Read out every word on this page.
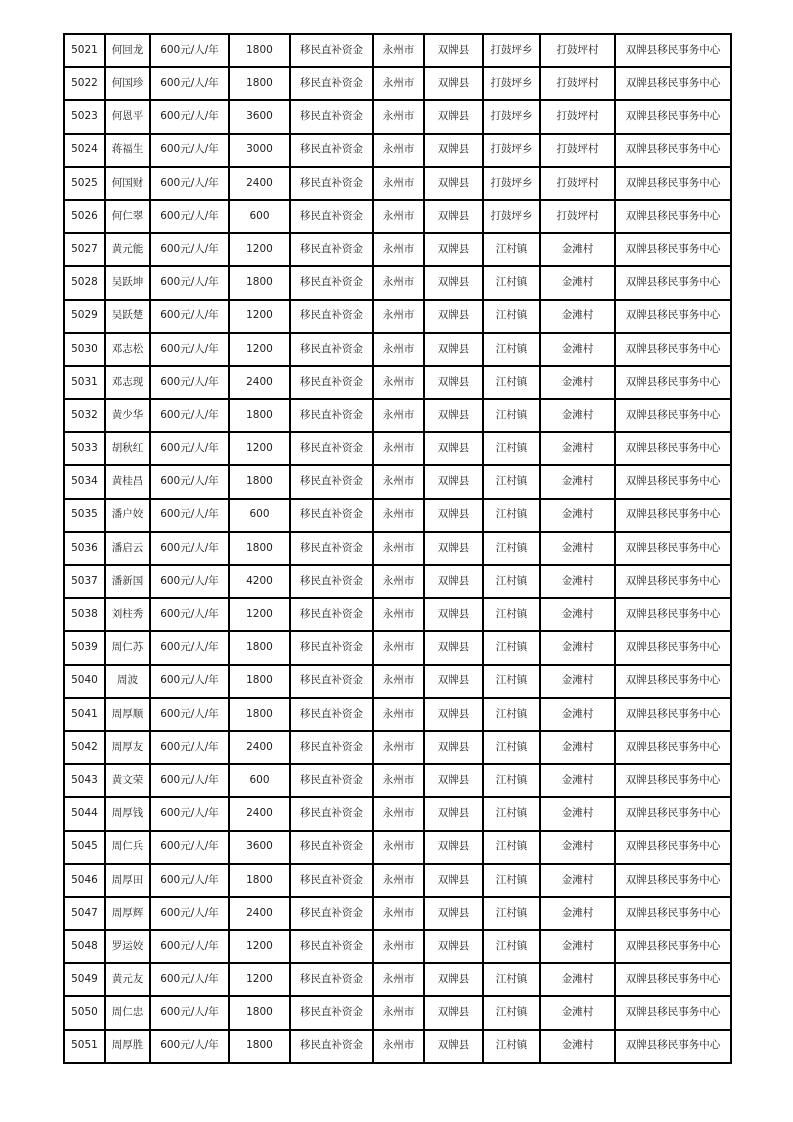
5021	何回龙	600元/人/年	1800	移民直补资金	永州市	双牌县	打鼓坪乡	打鼓坪村	双牌县移民事务中心
5022	何国珍	600元/人/年	1800	移民直补资金	永州市	双牌县	打鼓坪乡	打鼓坪村	双牌县移民事务中心
5023	何恩平	600元/人/年	3600	移民直补资金	永州市	双牌县	打鼓坪乡	打鼓坪村	双牌县移民事务中心
5024	蒋福生	600元/人/年	3000	移民直补资金	永州市	双牌县	打鼓坪乡	打鼓坪村	双牌县移民事务中心
5025	何国财	600元/人/年	2400	移民直补资金	永州市	双牌县	打鼓坪乡	打鼓坪村	双牌县移民事务中心
5026	何仁翠	600元/人/年	600	移民直补资金	永州市	双牌县	打鼓坪乡	打鼓坪村	双牌县移民事务中心
5027	黄元能	600元/人/年	1200	移民直补资金	永州市	双牌县	江村镇	金滩村	双牌县移民事务中心
5028	吴跃坤	600元/人/年	1800	移民直补资金	永州市	双牌县	江村镇	金滩村	双牌县移民事务中心
5029	吴跃楚	600元/人/年	1200	移民直补资金	永州市	双牌县	江村镇	金滩村	双牌县移民事务中心
5030	邓志松	600元/人/年	1200	移民直补资金	永州市	双牌县	江村镇	金滩村	双牌县移民事务中心
5031	邓志现	600元/人/年	2400	移民直补资金	永州市	双牌县	江村镇	金滩村	双牌县移民事务中心
5032	黄少华	600元/人/年	1800	移民直补资金	永州市	双牌县	江村镇	金滩村	双牌县移民事务中心
5033	胡秋红	600元/人/年	1200	移民直补资金	永州市	双牌县	江村镇	金滩村	双牌县移民事务中心
5034	黄桂昌	600元/人/年	1800	移民直补资金	永州市	双牌县	江村镇	金滩村	双牌县移民事务中心
5035	潘户姣	600元/人/年	600	移民直补资金	永州市	双牌县	江村镇	金滩村	双牌县移民事务中心
5036	潘启云	600元/人/年	1800	移民直补资金	永州市	双牌县	江村镇	金滩村	双牌县移民事务中心
5037	潘新国	600元/人/年	4200	移民直补资金	永州市	双牌县	江村镇	金滩村	双牌县移民事务中心
5038	刘柱秀	600元/人/年	1200	移民直补资金	永州市	双牌县	江村镇	金滩村	双牌县移民事务中心
5039	周仁苏	600元/人/年	1800	移民直补资金	永州市	双牌县	江村镇	金滩村	双牌县移民事务中心
5040	周波	600元/人/年	1800	移民直补资金	永州市	双牌县	江村镇	金滩村	双牌县移民事务中心
5041	周厚顺	600元/人/年	1800	移民直补资金	永州市	双牌县	江村镇	金滩村	双牌县移民事务中心
5042	周厚友	600元/人/年	2400	移民直补资金	永州市	双牌县	江村镇	金滩村	双牌县移民事务中心
5043	黄文荣	600元/人/年	600	移民直补资金	永州市	双牌县	江村镇	金滩村	双牌县移民事务中心
5044	周厚钱	600元/人/年	2400	移民直补资金	永州市	双牌县	江村镇	金滩村	双牌县移民事务中心
5045	周仁兵	600元/人/年	3600	移民直补资金	永州市	双牌县	江村镇	金滩村	双牌县移民事务中心
5046	周厚田	600元/人/年	1800	移民直补资金	永州市	双牌县	江村镇	金滩村	双牌县移民事务中心
5047	周厚辉	600元/人/年	2400	移民直补资金	永州市	双牌县	江村镇	金滩村	双牌县移民事务中心
5048	罗运姣	600元/人/年	1200	移民直补资金	永州市	双牌县	江村镇	金滩村	双牌县移民事务中心
5049	黄元友	600元/人/年	1200	移民直补资金	永州市	双牌县	江村镇	金滩村	双牌县移民事务中心
5050	周仁忠	600元/人/年	1800	移民直补资金	永州市	双牌县	江村镇	金滩村	双牌县移民事务中心
5051	周厚胜	600元/人/年	1800	移民直补资金	永州市	双牌县	江村镇	金滩村	双牌县移民事务中心
